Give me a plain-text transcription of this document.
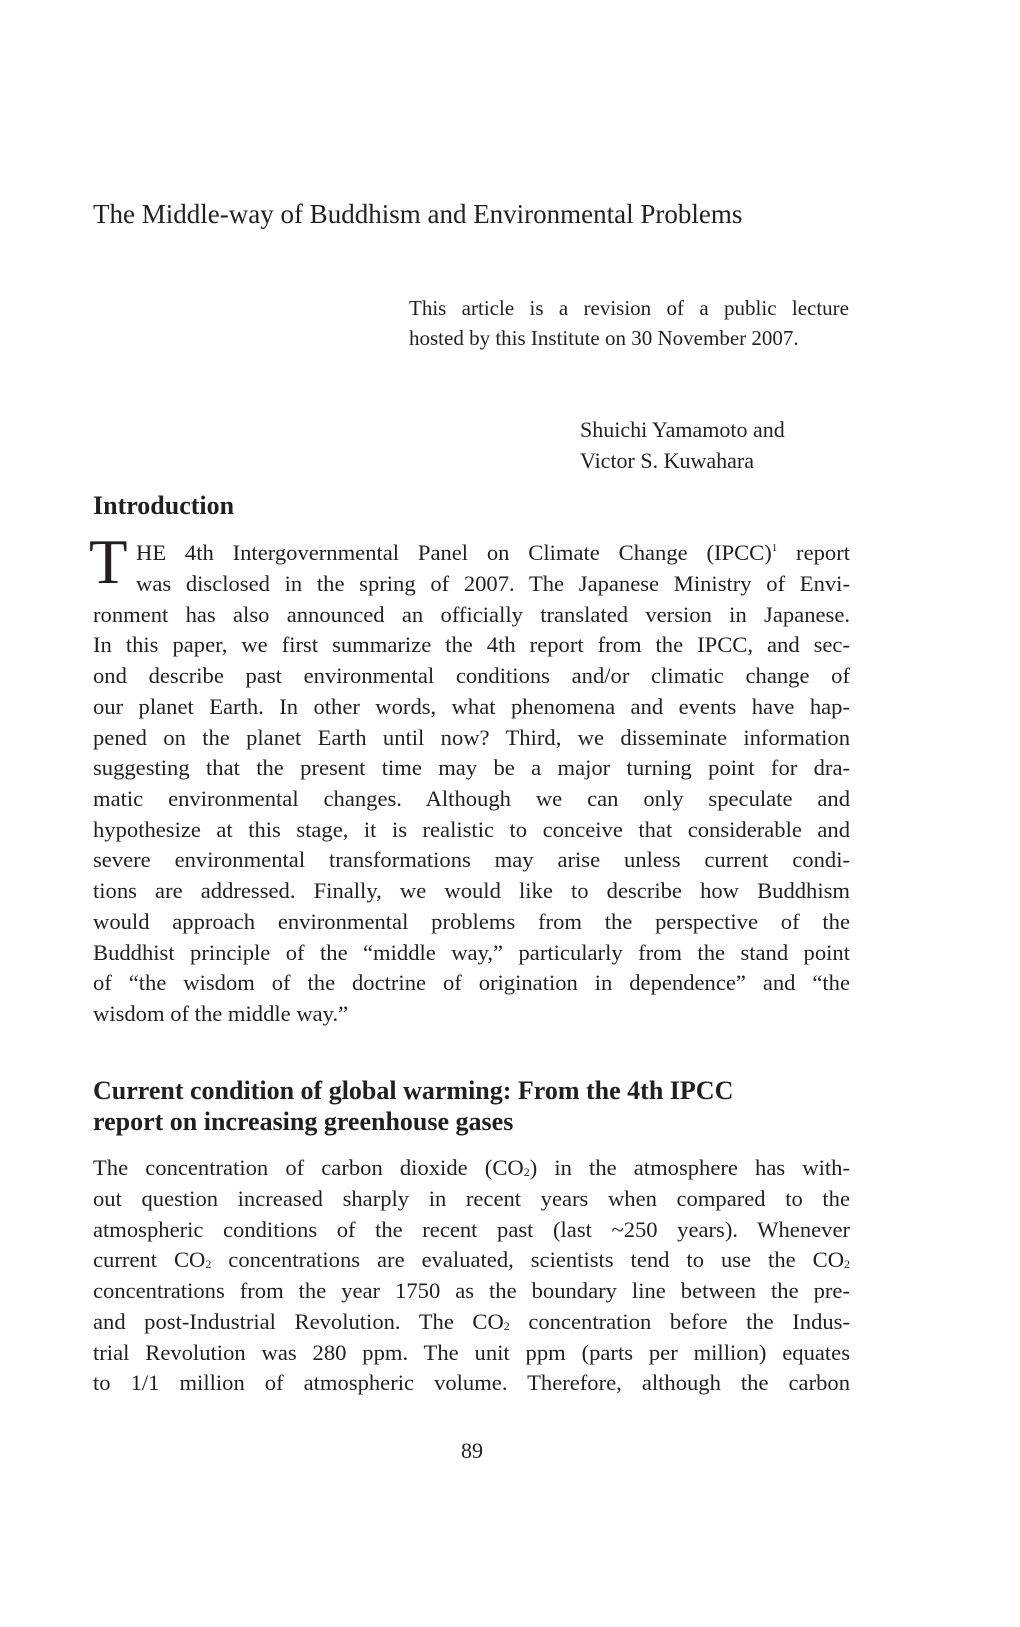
The Middle-way of Buddhism and Environmental Problems
This article is a revision of a public lecture
hosted by this Institute on 30 November 2007.
Shuichi Yamamoto and
Victor S. Kuwahara
Introduction
T HE 4th Intergovernmental Panel on Climate Change (IPCC)$^1$ report
was disclosed in the spring of 2007. The Japanese Ministry of Envi-
ronment has also announced an officially translated version in Japanese.
In this paper, we first summarize the 4th report from the IPCC, and sec-
ond describe past environmental conditions and/or climatic change of
our planet Earth. In other words, what phenomena and events have hap-
pened on the planet Earth until now? Third, we disseminate information
suggesting that the present time may be a major turning point for dra-
matic environmental changes. Although we can only speculate and
hypothesize at this stage, it is realistic to conceive that considerable and
severe environmental transformations may arise unless current condi-
tions are addressed. Finally, we would like to describe how Buddhism
would approach environmental problems from the perspective of the
Buddhist principle of the “middle way,” particularly from the stand point
of “the wisdom of the doctrine of origination in dependence” and “the
wisdom of the middle way.”
Current condition of global warming: From the 4th IPCC
report on increasing greenhouse gases
The concentration of carbon dioxide $(CO_2)$ in the atmosphere has with-
out question increased sharply in recent years when compared to the
atmospheric conditions of the recent past (last ~250 years). Whenever
current $CO_2$ concentrations are evaluated, scientists tend to use the $CO_2$
concentrations from the year 1750 as the boundary line between the pre-
and post-Industrial Revolution. The $CO_2$ concentration before the Indus-
trial Revolution was 280 ppm. The unit ppm (parts per million) equates
to 1/1 million of atmospheric volume. Therefore, although the carbon
89
